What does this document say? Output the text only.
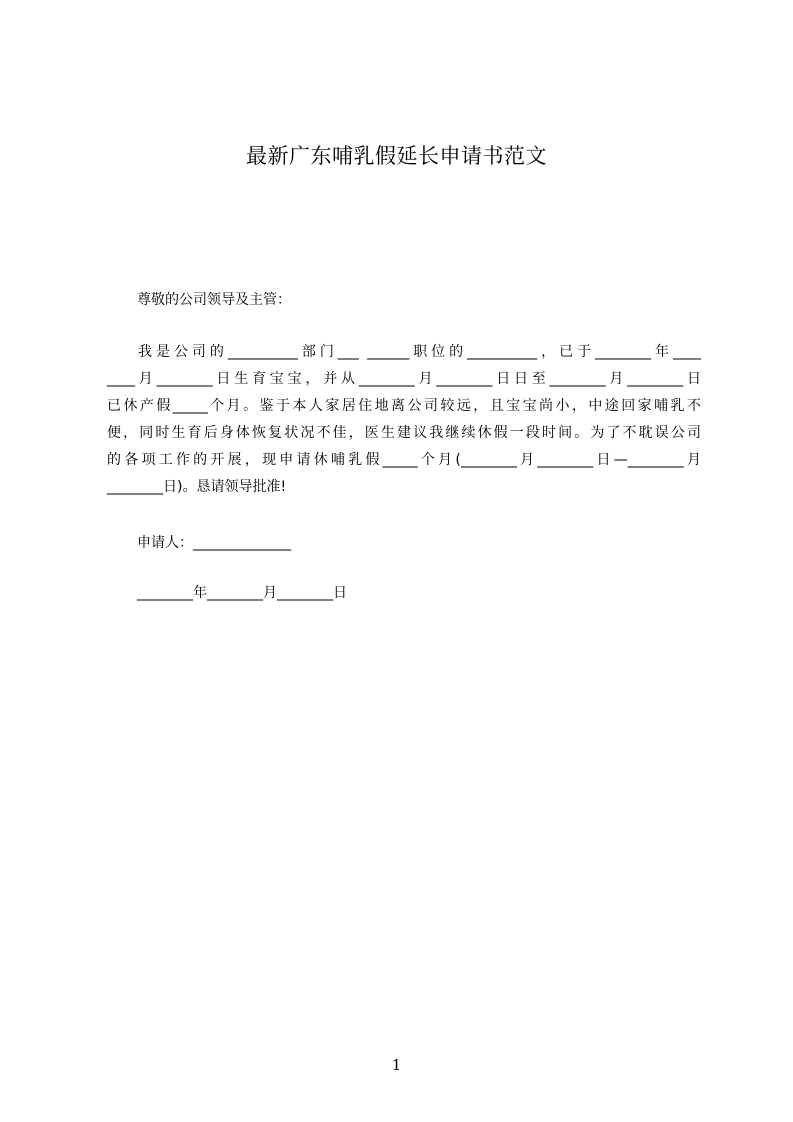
最新广东哺乳假延长申请书范文
尊敬的公司领导及主管：
我是公司的__________部门___ ______职位的__________，已于________年____
____月________日生育宝宝，并从________月________日日至________月________日
已休产假_____个月。鉴于本人家居住地离公司较远，且宝宝尚小，中途回家哺乳不
便，同时生育后身体恢复状况不佳，医生建议我继续休假一段时间。为了不耽误公司
的各项工作的开展，现申请休哺乳假_____个月(________月________日—________月
________日)。恳请领导批准!
申请人：______________
________年________月________日
1
